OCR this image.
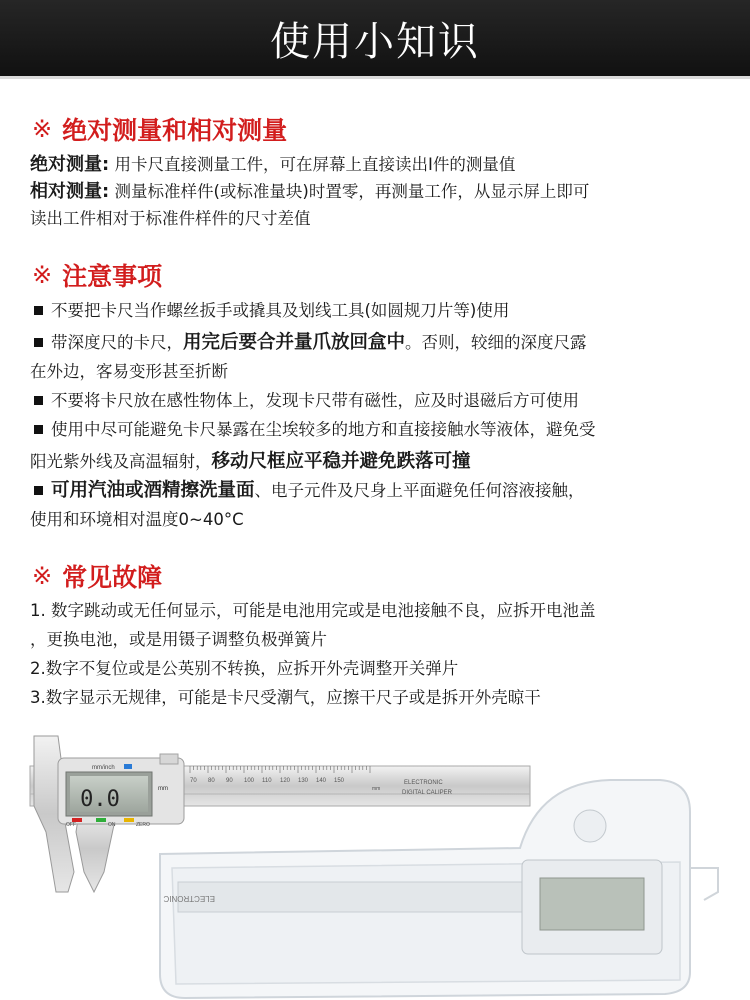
使用小知识
※ 绝对测量和相对测量
绝对测量: 用卡尺直接测量工件，可在屏幕上直接读出I件的测量值
相对测量: 测量标准样件(或标准量块)时置零，再测量工作，从显示屏上即可
读出工件相对于标准件样件的尺寸差值
※ 注意事项
不要把卡尺当作螺丝扳手或撬具及划线工具(如圆规刀片等)使用
带深度尺的卡尺，用完后要合并量爪放回盒中。否则，较细的深度尺露
在外边，客易变形甚至折断
不要将卡尺放在感性物体上，发现卡尺带有磁性，应及时退磁后方可使用
使用中尽可能避免卡尺暴露在尘埃较多的地方和直接接触水等液体，避免受
阳光紫外线及高温辐射，移动尺框应平稳并避免跌落可撞
可用汽油或酒精擦洗量面、电子元件及尺身上平面避免任何溶液接触，
使用和环境相对温度0~40°C
※ 常见故障
1. 数字跳动或无任何显示，可能是电池用完或是电池接触不良，应拆开电池盖
，更换电池，或是用镊子调整负极弹簧片
2.数字不复位或是公英别不转换，应拆开外壳调整开关弹片
3.数字显示无规律，可能是卡尺受潮气，应擦干尺子或是拆开外壳晾干
ELECTRONIC
0.0	mm
mm/inch
OFF	ON	ZERO
70 80 90 100 110 120 130 140 150
mm
ELECTRONIC
DIGITAL CALIPER
